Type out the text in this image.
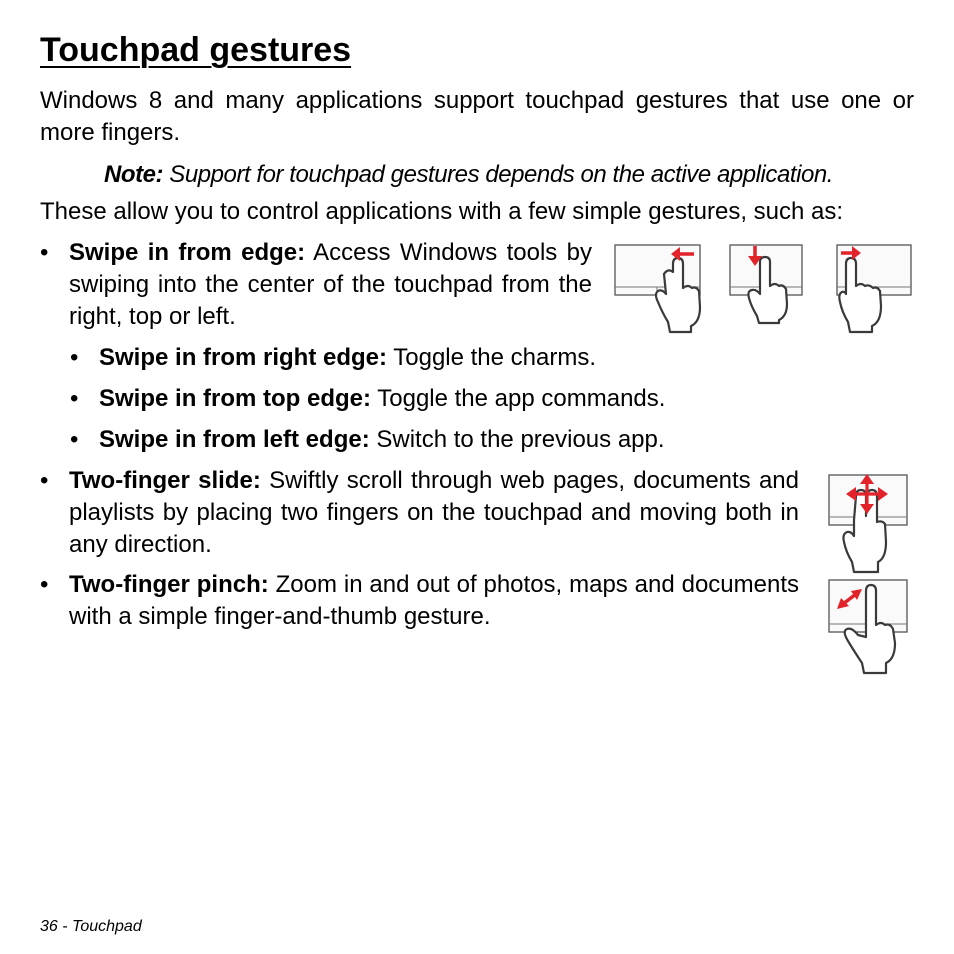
Touchpad gestures

Windows 8 and many applications support touchpad gestures that use one or more fingers.

Note: Support for touchpad gestures depends on the active application.

These allow you to control applications with a few simple gestures, such as:

• Swipe in from edge: Access Windows tools by swiping into the center of the touchpad from the right, top or left.

• Swipe in from right edge: Toggle the charms.

• Swipe in from top edge: Toggle the app commands.

• Swipe in from left edge: Switch to the previous app.

• Two-finger slide: Swiftly scroll through web pages, documents and playlists by placing two fingers on the touchpad and moving both in any direction.

• Two-finger pinch: Zoom in and out of photos, maps and documents with a simple finger-and-thumb gesture.

36 - Touchpad
